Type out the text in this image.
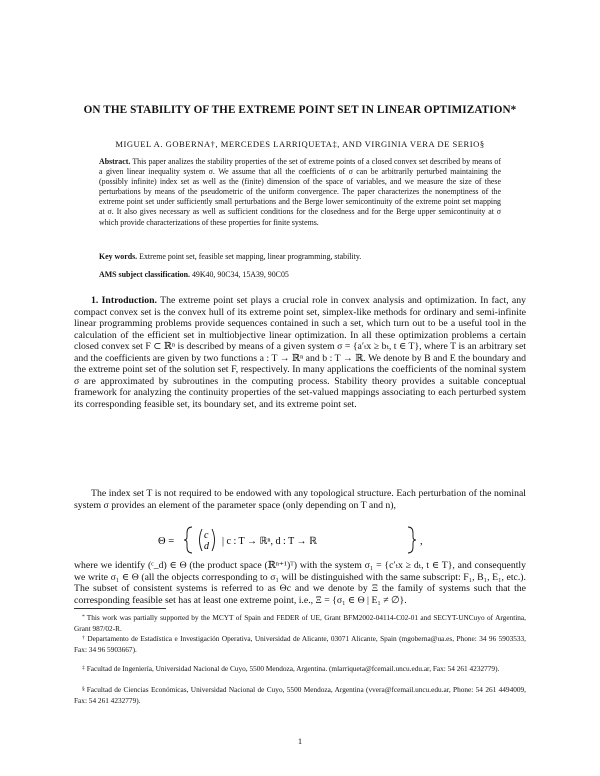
ON THE STABILITY OF THE EXTREME POINT SET IN LINEAR OPTIMIZATION*
MIGUEL A. GOBERNA†, MERCEDES LARRIQUETA‡, AND VIRGINIA VERA DE SERIO§
Abstract. This paper analizes the stability properties of the set of extreme points of a closed convex set described by means of a given linear inequality system σ. We assume that all the coefficients of σ can be arbitrarily perturbed maintaining the (possibly infinite) index set as well as the (finite) dimension of the space of variables, and we measure the size of these perturbations by means of the pseudometric of the uniform convergence. The paper characterizes the nonemptiness of the extreme point set under sufficiently small perturbations and the Berge lower semicontinuity of the extreme point set mapping at σ. It also gives necessary as well as sufficient conditions for the closedness and for the Berge upper semicontinuity at σ which provide characterizations of these properties for finite systems.
Key words. Extreme point set, feasible set mapping, linear programming, stability.
AMS subject classification. 49K40, 90C34, 15A39, 90C05
1. Introduction. The extreme point set plays a crucial role in convex analysis and optimization. In fact, any compact convex set is the convex hull of its extreme point set, simplex-like methods for ordinary and semi-infinite linear programming problems provide sequences contained in such a set, which turn out to be a useful tool in the calculation of the efficient set in multiobjective linear optimization. In all these optimization problems a certain closed convex set F ⊂ ℝⁿ is described by means of a given system σ = {a′ₜx ≥ bₜ, t ∈ T}, where T is an arbitrary set and the coefficients are given by two functions a : T → ℝⁿ and b : T → ℝ. We denote by B and E the boundary and the extreme point set of the solution set F, respectively. In many applications the coefficients of the nominal system σ are approximated by subroutines in the computing process. Stability theory provides a suitable conceptual framework for analyzing the continuity properties of the set-valued mappings associating to each perturbed system its corresponding feasible set, its boundary set, and its extreme point set.
The index set T is not required to be endowed with any topological structure. Each perturbation of the nominal system σ provides an element of the parameter space (only depending on T and n),
Θ =
c
d | c : T → ℝⁿ, d : T → ℝ	,
where we identify (ᶜ_d) ∈ Θ (the product space (ℝⁿ⁺¹)ᵀ) with the system σ₁ = {c′ₜx ≥ dₜ, t ∈ T}, and consequently we write σ₁ ∈ Θ (all the objects corresponding to σ₁ will be distinguished with the same subscript: F₁, B₁, E₁, etc.). The subset of consistent systems is referred to as Θc and we denote by Ξ the family of systems such that the corresponding feasible set has at least one extreme point, i.e., Ξ = {σ₁ ∈ Θ | E₁ ≠ ∅}.
* This work was partially supported by the MCYT of Spain and FEDER of UE, Grant BFM2002-04114-C02-01 and SECYT-UNCuyo of Argentina, Grant 987/02-R.
† Departamento de Estadística e Investigación Operativa, Universidad de Alicante, 03071 Alicante, Spain (mgoberna@ua.es, Phone: 34 96 5903533, Fax: 34 96 5903667).
‡ Facultad de Ingeniería, Universidad Nacional de Cuyo, 5500 Mendoza, Argentina. (mlarriqueta@fcemail.uncu.edu.ar, Fax: 54 261 4232779).
§ Facultad de Ciencias Económicas, Universidad Nacional de Cuyo, 5500 Mendoza, Argentina (vvera@fcemail.uncu.edu.ar, Phone: 54 261 4494009, Fax: 54 261 4232779).
1
